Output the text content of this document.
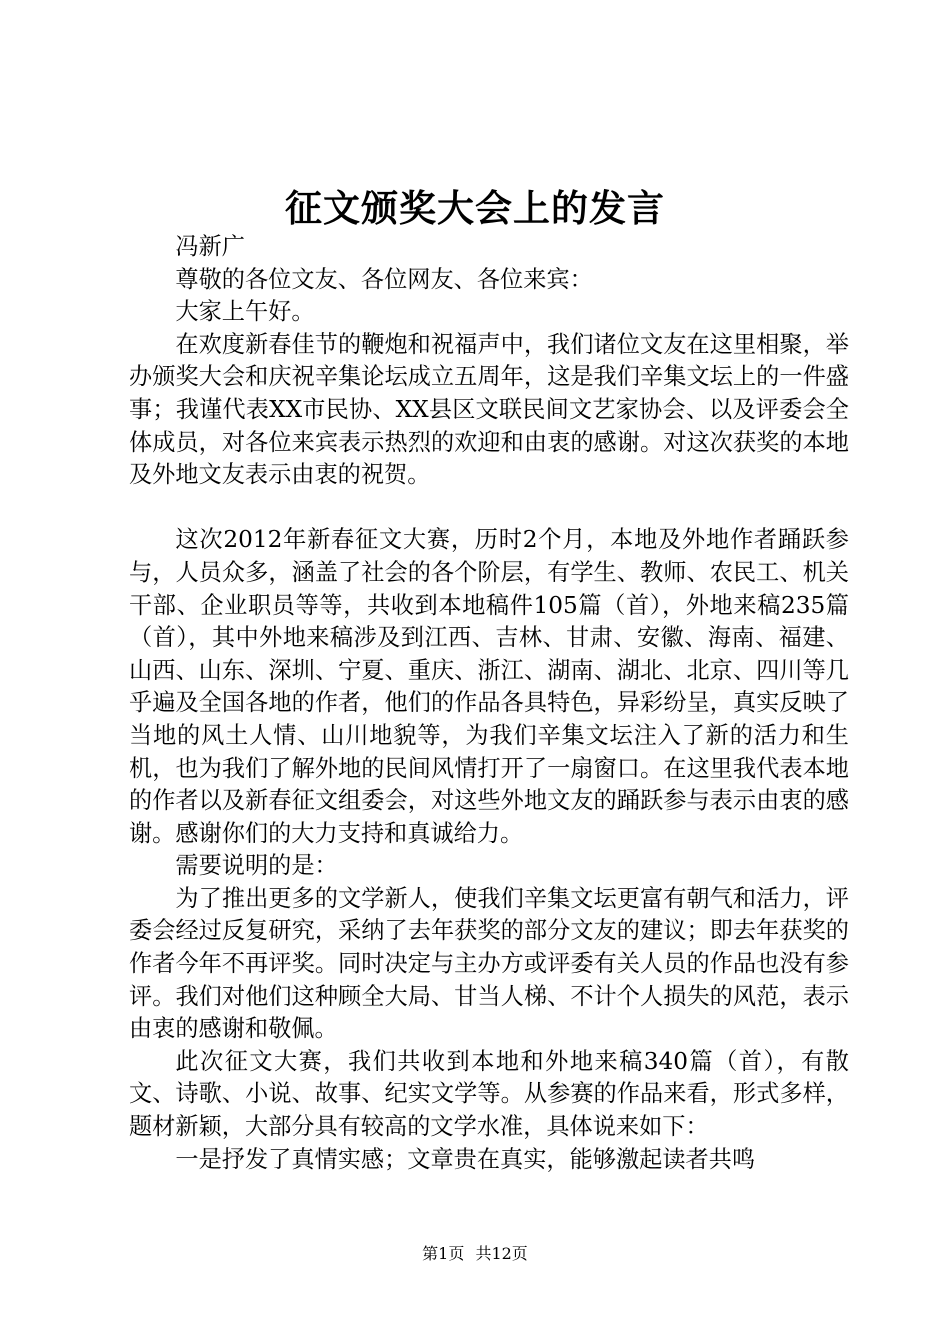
征文颁奖大会上的发言

冯新广

尊敬的各位文友、各位网友、各位来宾：

大家上午好。

在欢度新春佳节的鞭炮和祝福声中，我们诸位文友在这里相聚，举办颁奖大会和庆祝辛集论坛成立五周年，这是我们辛集文坛上的一件盛事；我谨代表XX市民协、XX县区文联民间文艺家协会、以及评委会全体成员，对各位来宾表示热烈的欢迎和由衷的感谢。对这次获奖的本地及外地文友表示由衷的祝贺。

这次2012年新春征文大赛，历时2个月，本地及外地作者踊跃参与，人员众多，涵盖了社会的各个阶层，有学生、教师、农民工、机关干部、企业职员等等，共收到本地稿件105篇（首），外地来稿235篇（首），其中外地来稿涉及到江西、吉林、甘肃、安徽、海南、福建、山西、山东、深圳、宁夏、重庆、浙江、湖南、湖北、北京、四川等几乎遍及全国各地的作者，他们的作品各具特色，异彩纷呈，真实反映了当地的风土人情、山川地貌等，为我们辛集文坛注入了新的活力和生机，也为我们了解外地的民间风情打开了一扇窗口。在这里我代表本地的作者以及新春征文组委会，对这些外地文友的踊跃参与表示由衷的感谢。感谢你们的大力支持和真诚给力。

需要说明的是：

为了推出更多的文学新人，使我们辛集文坛更富有朝气和活力，评委会经过反复研究，采纳了去年获奖的部分文友的建议；即去年获奖的作者今年不再评奖。同时决定与主办方或评委有关人员的作品也没有参评。我们对他们这种顾全大局、甘当人梯、不计个人损失的风范，表示由衷的感谢和敬佩。

此次征文大赛，我们共收到本地和外地来稿340篇（首），有散文、诗歌、小说、故事、纪实文学等。从参赛的作品来看，形式多样，题材新颖，大部分具有较高的文学水准，具体说来如下：

一是抒发了真情实感；文章贵在真实，能够激起读者共鸣

第1页 共12页
